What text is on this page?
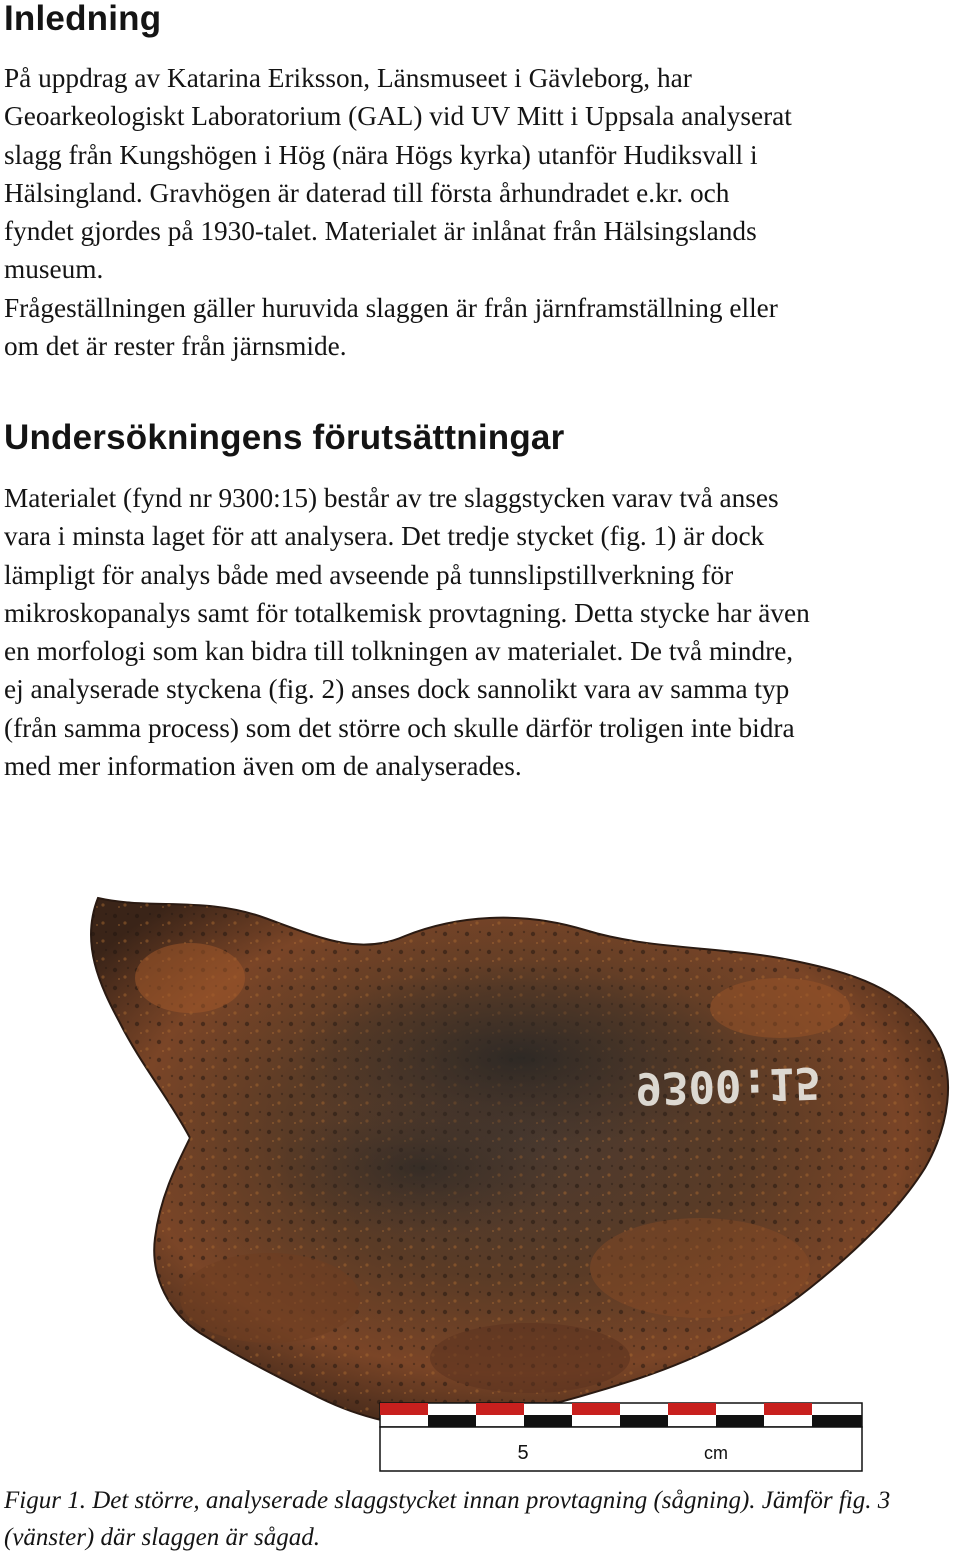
Inledning

På uppdrag av Katarina Eriksson, Länsmuseet i Gävleborg, har
Geoarkeologiskt Laboratorium (GAL) vid UV Mitt i Uppsala analyserat
slagg från Kungshögen i Hög (nära Högs kyrka) utanför Hudiksvall i
Hälsingland. Gravhögen är daterad till första århundradet e.kr. och
fyndet gjordes på 1930-talet. Materialet är inlånat från Hälsingslands
museum.
Frågeställningen gäller huruvida slaggen är från järnframställning eller
om det är rester från järnsmide.

Undersökningens förutsättningar

Materialet (fynd nr 9300:15) består av tre slaggstycken varav två anses
vara i minsta laget för att analysera. Det tredje stycket (fig. 1) är dock
lämpligt för analys både med avseende på tunnslipstillverkning för
mikroskopanalys samt för totalkemisk provtagning. Detta stycke har även
en morfologi som kan bidra till tolkningen av materialet. De två mindre,
ej analyserade styckena (fig. 2) anses dock sannolikt vara av samma typ
(från samma process) som det större och skulle därför troligen inte bidra
med mer information även om de analyserades.

9300:15
5	cm

Figur 1. Det större, analyserade slaggstycket innan provtagning (sågning). Jämför fig. 3
(vänster) där slaggen är sågad.
